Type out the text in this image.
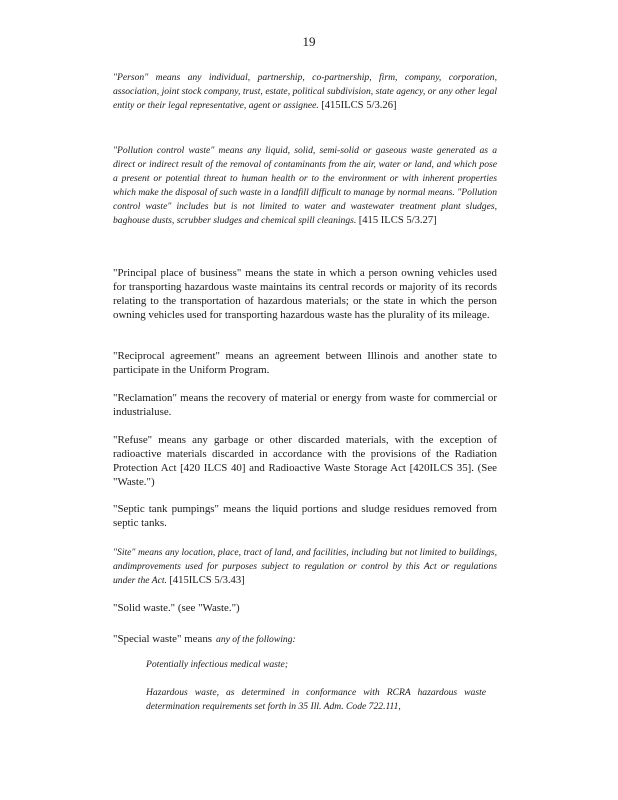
19
"Person" means any individual, partnership, co-partnership, firm, company, corporation, association, joint stock company, trust, estate, political subdivision, state agency, or any other legal entity or their legal representative, agent or assignee. [415ILCS 5/3.26]
"Pollution control waste" means any liquid, solid, semi-solid or gaseous waste generated as a direct or indirect result of the removal of contaminants from the air, water or land, and which pose a present or potential threat to human health or to the environment or with inherent properties which make the disposal of such waste in a landfill difficult to manage by normal means. "Pollution control waste" includes but is not limited to water and wastewater treatment plant sludges, baghouse dusts, scrubber sludges and chemical spill cleanings. [415 ILCS 5/3.27]
"Principal place of business" means the state in which a person owning vehicles used for transporting hazardous waste maintains its central records or majority of its records relating to the transportation of hazardous materials; or the state in which the person owning vehicles used for transporting hazardous waste has the plurality of its mileage.
"Reciprocal agreement" means an agreement between Illinois and another state to participate in the Uniform Program.
"Reclamation" means the recovery of material or energy from waste for commercial or industrialuse.
"Refuse" means any garbage or other discarded materials, with the exception of radioactive materials discarded in accordance with the provisions of the Radiation Protection Act [420 ILCS 40] and Radioactive Waste Storage Act [420ILCS 35]. (See "Waste.")
"Septic tank pumpings" means the liquid portions and sludge residues removed from septic tanks.
"Site" means any location, place, tract of land, and facilities, including but not limited to buildings, andimprovements used for purposes subject to regulation or control by this Act or regulations under the Act. [415ILCS 5/3.43]
"Solid waste." (see "Waste.")
"Special waste" means any of the following:
Potentially infectious medical waste;
Hazardous waste, as determined in conformance with RCRA hazardous waste determination requirements set forth in 35 Ill. Adm. Code 722.111,
